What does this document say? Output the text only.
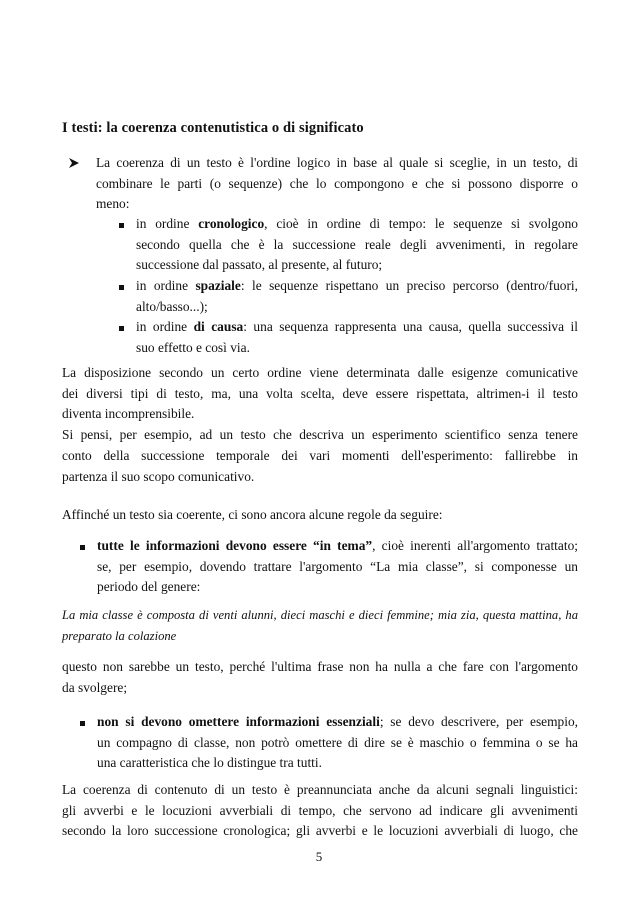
I testi: la coerenza contenutistica o di significato
La coerenza di un testo è l'ordine logico in base al quale si sceglie, in un testo, di
combinare le parti (o sequenze) che lo compongono e che si possono disporre o
meno:
in ordine cronologico, cioè in ordine di tempo: le sequenze si svolgono
secondo quella che è la successione reale degli avvenimenti, in regolare
successione dal passato, al presente, al futuro;
in ordine spaziale: le sequenze rispettano un preciso percorso (dentro/fuori,
alto/basso...);
in ordine di causa: una sequenza rappresenta una causa, quella successiva il
suo effetto e così via.
La disposizione secondo un certo ordine viene determinata dalle esigenze comunicative
dei diversi tipi di testo, ma, una volta scelta, deve essere rispettata, altrimen-i il testo
diventa incomprensibile.
Si pensi, per esempio, ad un testo che descriva un esperimento scientifico senza tenere
conto della successione temporale dei vari momenti dell'esperimento: fallirebbe in
partenza il suo scopo comunicativo.
Affinché un testo sia coerente, ci sono ancora alcune regole da seguire:
tutte le informazioni devono essere “in tema”, cioè inerenti all'argomento trattato;
se, per esempio, dovendo trattare l'argomento “La mia classe”, si componesse un
periodo del genere:
La mia classe è composta di venti alunni, dieci maschi e dieci femmine; mia zia, questa mattina, ha
preparato la colazione
questo non sarebbe un testo, perché l'ultima frase non ha nulla a che fare con l'argomento
da svolgere;
non si devono omettere informazioni essenziali; se devo descrivere, per esempio,
un compagno di classe, non potrò omettere di dire se è maschio o femmina o se ha
una caratteristica che lo distingue tra tutti.
La coerenza di contenuto di un testo è preannunciata anche da alcuni segnali linguistici:
gli avverbi e le locuzioni avverbiali di tempo, che servono ad indicare gli avvenimenti
secondo la loro successione cronologica; gli avverbi e le locuzioni avverbiali di luogo, che
5
